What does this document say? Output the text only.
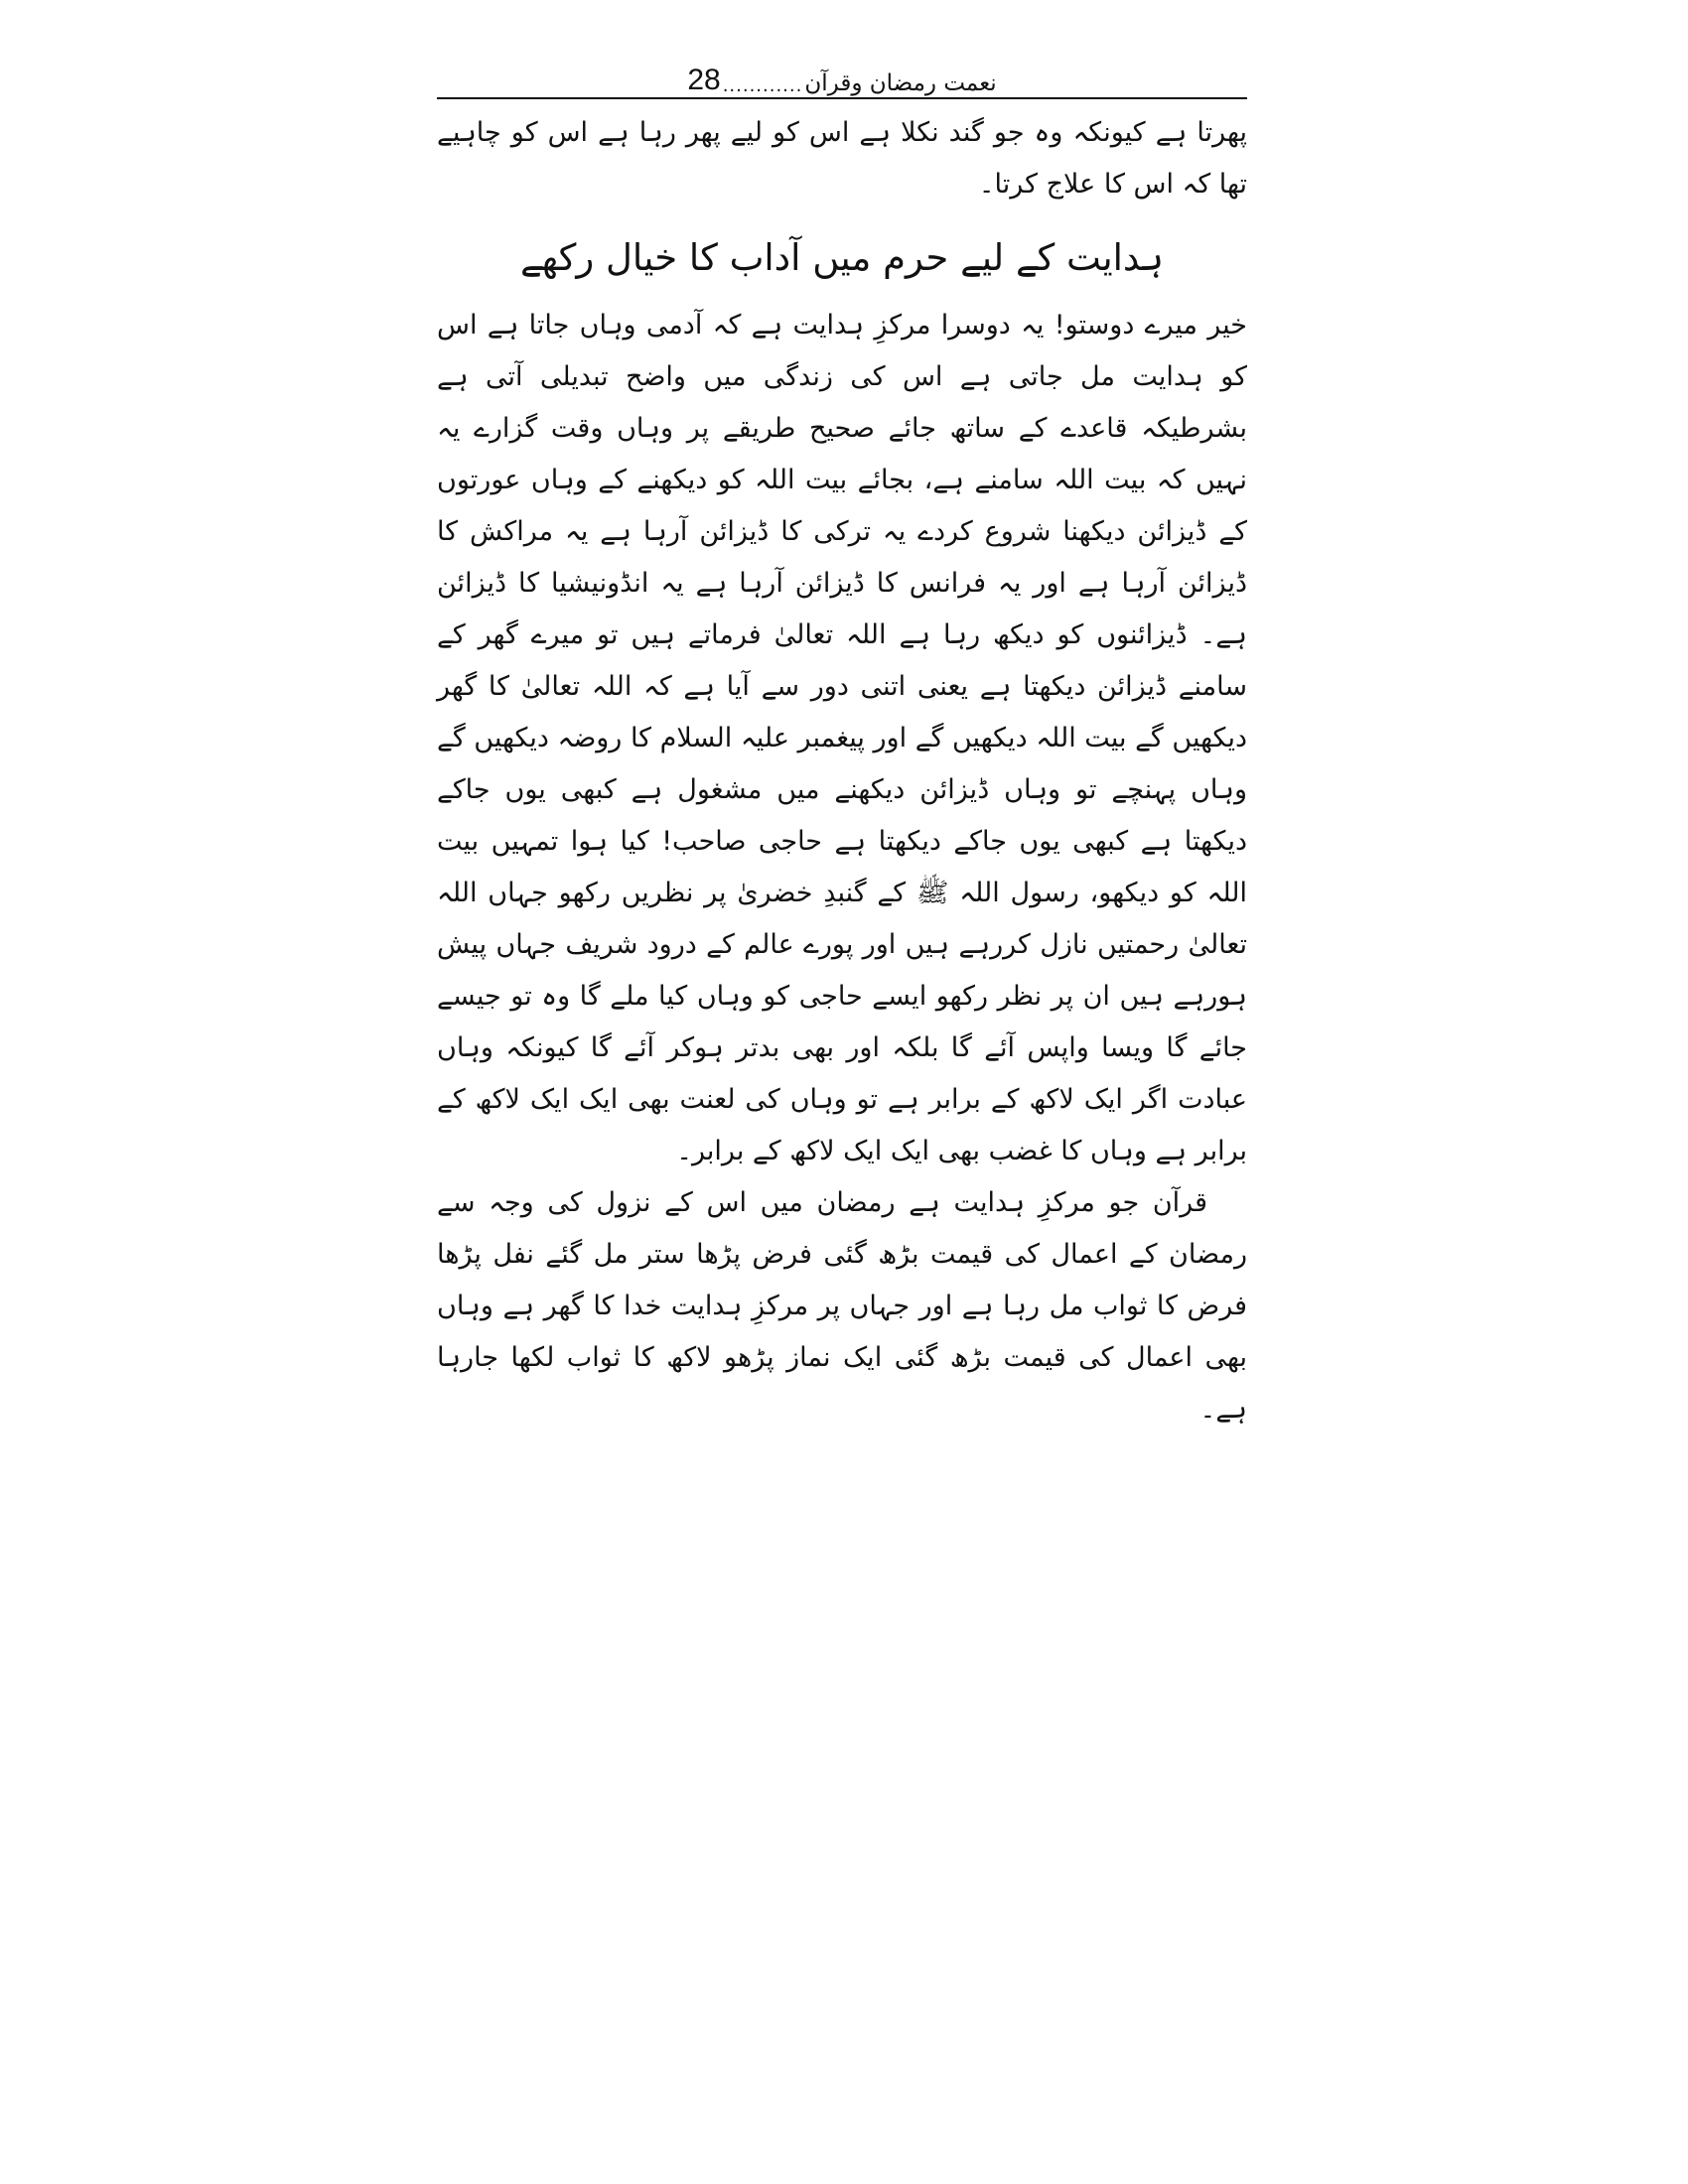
نعمت رمضان وقرآن
............
28

پھرتا ہے کیونکہ وہ جو گند نکلا ہے اس کو لیے پھر رہا ہے اس کو چاہیے تھا کہ اس کا علاج کرتا۔

ہدایت کے لیے حرم میں آداب کا خیال رکھے

خیر میرے دوستو! یہ دوسرا مرکزِ ہدایت ہے کہ آدمی وہاں جاتا ہے اس کو ہدایت مل جاتی ہے اس کی زندگی میں واضح تبدیلی آتی ہے بشرطیکہ قاعدے کے ساتھ جائے صحیح طریقے پر وہاں وقت گزارے یہ نہیں کہ بیت اللہ سامنے ہے، بجائے بیت اللہ کو دیکھنے کے وہاں عورتوں کے ڈیزائن دیکھنا شروع کردے یہ ترکی کا ڈیزائن آرہا ہے یہ مراکش کا ڈیزائن آرہا ہے اور یہ فرانس کا ڈیزائن آرہا ہے یہ انڈونیشیا کا ڈیزائن ہے۔ ڈیزائنوں کو دیکھ رہا ہے اللہ تعالیٰ فرماتے ہیں تو میرے گھر کے سامنے ڈیزائن دیکھتا ہے یعنی اتنی دور سے آیا ہے کہ اللہ تعالیٰ کا گھر دیکھیں گے بیت اللہ دیکھیں گے اور پیغمبر علیہ السلام کا روضہ دیکھیں گے وہاں پہنچے تو وہاں ڈیزائن دیکھنے میں مشغول ہے کبھی یوں جاکے دیکھتا ہے کبھی یوں جاکے دیکھتا ہے حاجی صاحب! کیا ہوا تمہیں بیت اللہ کو دیکھو، رسول اللہ ﷺ کے گنبدِ خضریٰ پر نظریں رکھو جہاں اللہ تعالیٰ رحمتیں نازل کررہے ہیں اور پورے عالم کے درود شریف جہاں پیش ہورہے ہیں ان پر نظر رکھو ایسے حاجی کو وہاں کیا ملے گا وہ تو جیسے جائے گا ویسا واپس آئے گا بلکہ اور بھی بدتر ہوکر آئے گا کیونکہ وہاں عبادت اگر ایک لاکھ کے برابر ہے تو وہاں کی لعنت بھی ایک ایک لاکھ کے برابر ہے وہاں کا غضب بھی ایک ایک لاکھ کے برابر۔

قرآن جو مرکزِ ہدایت ہے رمضان میں اس کے نزول کی وجہ سے رمضان کے اعمال کی قیمت بڑھ گئی فرض پڑھا ستر مل گئے نفل پڑھا فرض کا ثواب مل رہا ہے اور جہاں پر مرکزِ ہدایت خدا کا گھر ہے وہاں بھی اعمال کی قیمت بڑھ گئی ایک نماز پڑھو لاکھ کا ثواب لکھا جارہا ہے۔
